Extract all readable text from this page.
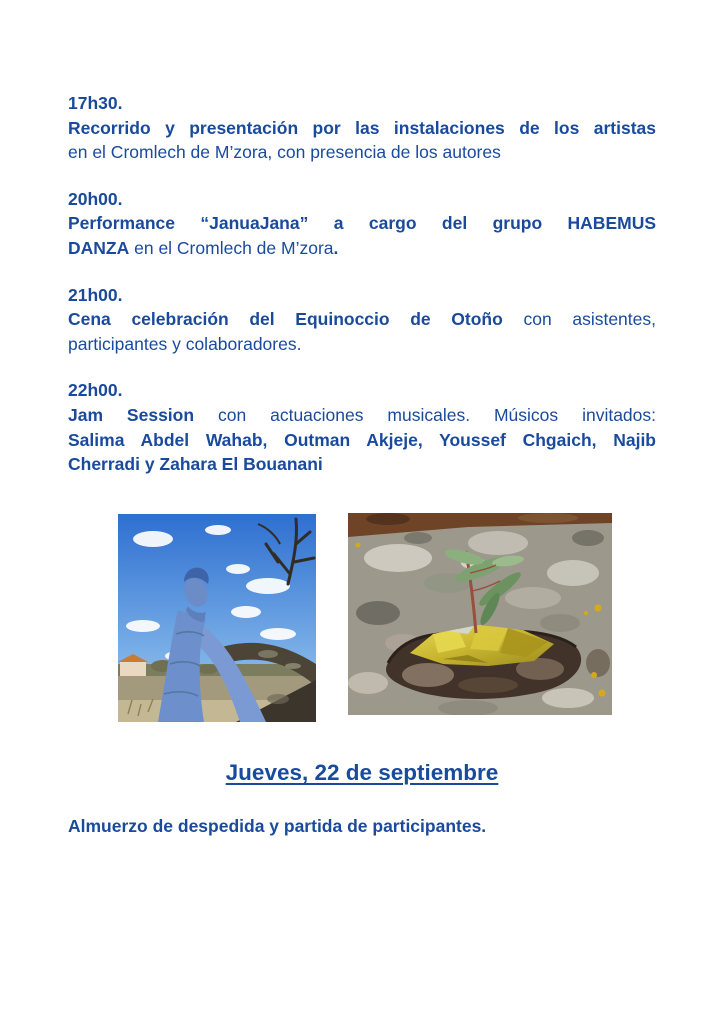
17h30.
Recorrido y presentación por las instalaciones de los artistas
en el Cromlech de M’zora, con presencia de los autores
20h00.
Performance “JanuaJana” a cargo del grupo HABEMUS
DANZA en el Cromlech de M’zora.
21h00.
Cena celebración del Equinoccio de Otoño con asistentes,
participantes y colaboradores.
22h00.
Jam Session con actuaciones musicales. Músicos invitados:
Salima Abdel Wahab, Outman Akjeje, Youssef Chgaich, Najib
Cherradi y Zahara El Bouanani
Jueves, 22 de septiembre

Almuerzo de despedida y partida de participantes.
